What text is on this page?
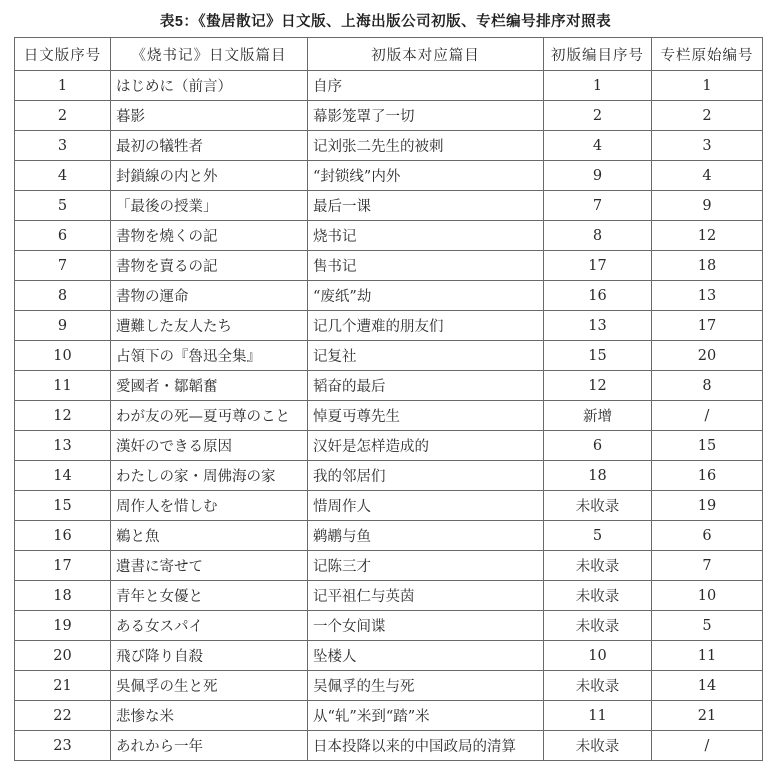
表5：《蛰居散记》日文版、上海出版公司初版、专栏编号排序对照表
日文版序号	《烧书记》日文版篇目	初版本对应篇目	初版编目序号	专栏原始编号
1	はじめに（前言）	自序	1	1
2	暮影	幕影笼罩了一切	2	2
3	最初の犠牲者	记刘张二先生的被刺	4	3
4	封鎖線の内と外	“封锁线”内外	9	4
5	「最後の授業」	最后一课	7	9
6	書物を燒くの記	烧书记	8	12
7	書物を賣るの記	售书记	17	18
8	書物の運命	“废纸”劫	16	13
9	遭難した友人たち	记几个遭难的朋友们	13	17
10	占領下の『魯迅全集』	记复社	15	20
11	愛國者・鄒韜奮	韬奋的最后	12	8
12	わが友の死—夏丏尊のこと	悼夏丏尊先生	新增	/
13	漢奸のできる原因	汉奸是怎样造成的	6	15
14	わたしの家・周佛海の家	我的邻居们	18	16
15	周作人を惜しむ	惜周作人	未收录	19
16	鵜と魚	鹈鹕与鱼	5	6
17	遺書に寄せて	记陈三才	未收录	7
18	青年と女優と	记平祖仁与英茵	未收录	10
19	ある女スパイ	一个女间谍	未收录	5
20	飛び降り自殺	坠楼人	10	11
21	吳佩孚の生と死	吴佩孚的生与死	未收录	14
22	悲惨な米	从“轧”米到“踏”米	11	21
23	あれから一年	日本投降以来的中国政局的清算	未收录	/
